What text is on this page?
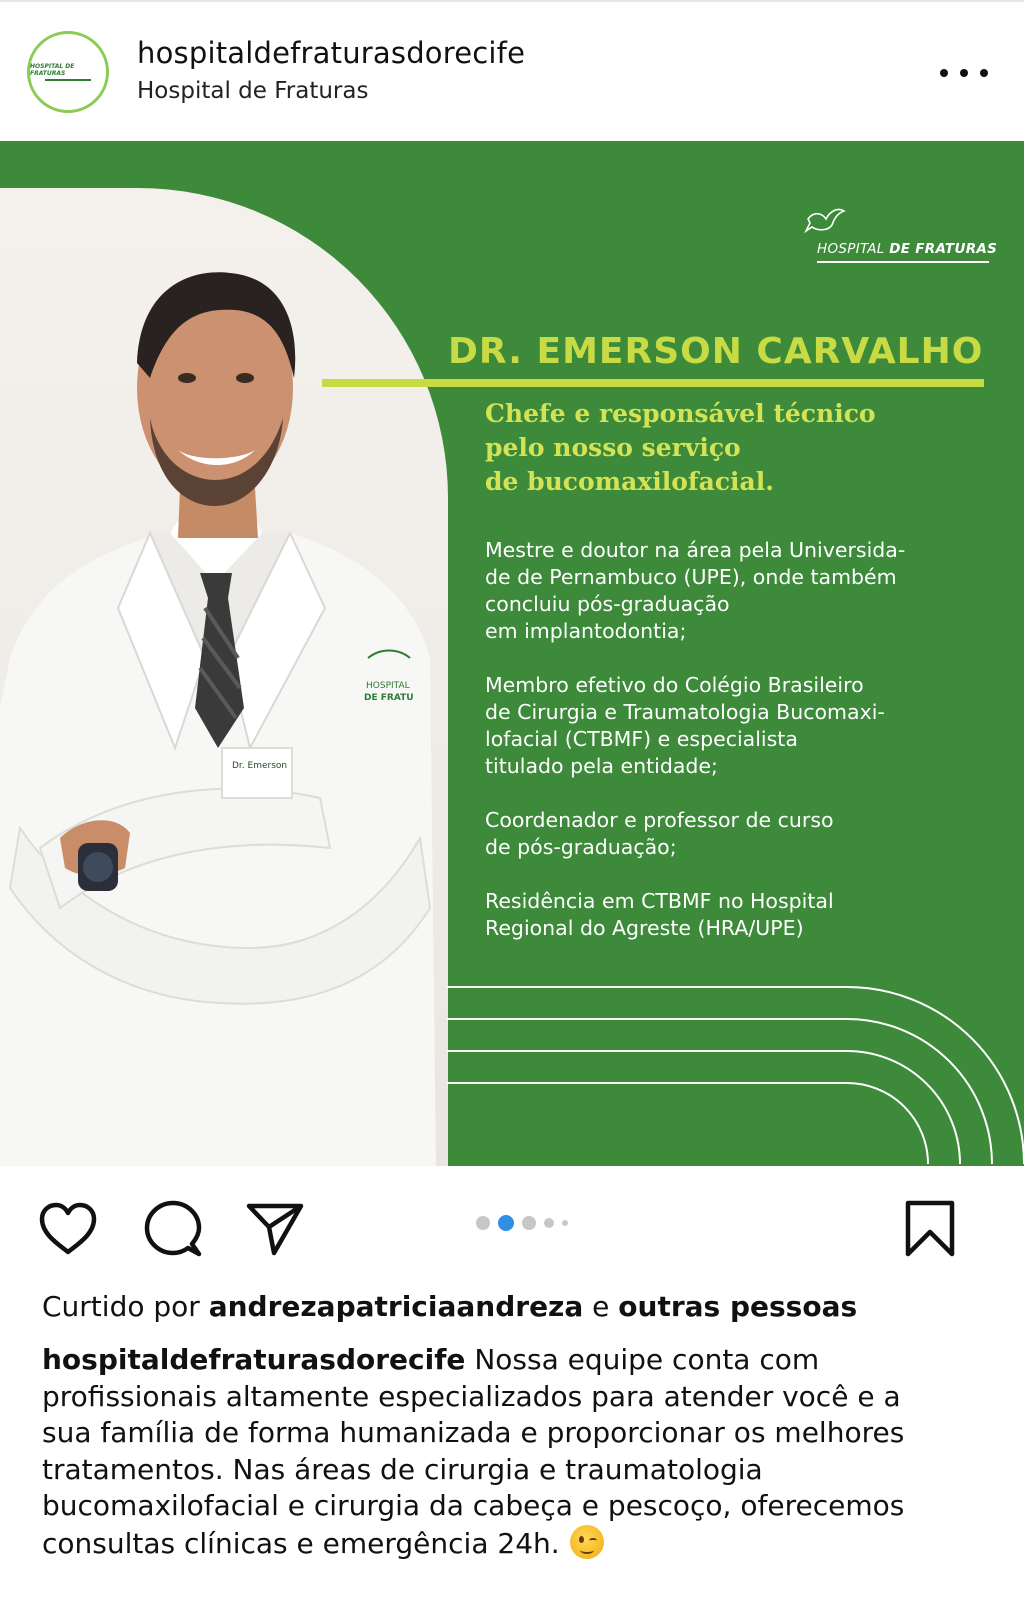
HOSPITAL DE FRATURAS
hospitaldefraturasdorecife
Hospital de Fraturas
Dr. Emerson
HOSPITAL
DE FRATU
HOSPITAL DE FRATURAS
DR. EMERSON CARVALHO
Chefe e responsável técnico
pelo nosso serviço
de bucomaxilofacial.
Mestre e doutor na área pela Universida-
de de Pernambuco (UPE), onde também
concluiu pós-graduação
em implantodontia;
Membro efetivo do Colégio Brasileiro
de Cirurgia e Traumatologia Bucomaxi-
lofacial (CTBMF) e especialista
titulado pela entidade;
Coordenador e professor de curso
de pós-graduação;
Residência em CTBMF no Hospital
Regional do Agreste (HRA/UPE)
Curtido por andrezapatriciaandreza e outras pessoas
hospitaldefraturasdorecife Nossa equipe conta com
profissionais altamente especializados para atender você e a
sua família de forma humanizada e proporcionar os melhores
tratamentos. Nas áreas de cirurgia e traumatologia
bucomaxilofacial e cirurgia da cabeça e pescoço, oferecemos
consultas clínicas e emergência 24h.
